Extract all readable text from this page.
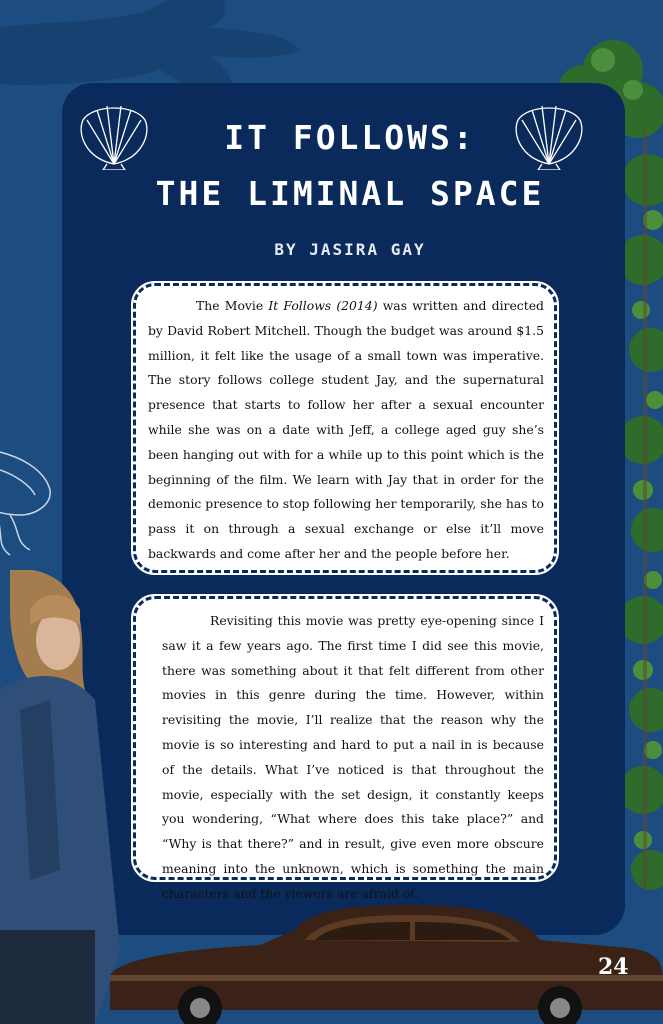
IT FOLLOWS:
THE LIMINAL SPACE
BY JASIRA GAY

The Movie It Follows (2014) was written and directed by David Robert Mitchell. Though the budget was around $1.5 million, it felt like the usage of a small town was imperative. The story follows college student Jay, and the supernatural presence that starts to follow her after a sexual encounter while she was on a date with Jeff, a college aged guy she’s been hanging out with for a while up to this point which is the beginning of the film. We learn with Jay that in order for the demonic presence to stop following her temporarily, she has to pass it on through a sexual exchange or else it’ll move backwards and come after her and the people before her.

Revisiting this movie was pretty eye-opening since I saw it a few years ago. The first time I did see this movie, there was something about it that felt different from other movies in this genre during the time. However, within revisiting the movie, I’ll realize that the reason why the movie is so interesting and hard to put a nail in is because of the details. What I’ve noticed is that throughout the movie, especially with the set design, it constantly keeps you wondering, “What where does this take place?” and “Why is that there?” and in result, give even more obscure meaning into the unknown, which is something the main characters and the viewers are afraid of.

24
